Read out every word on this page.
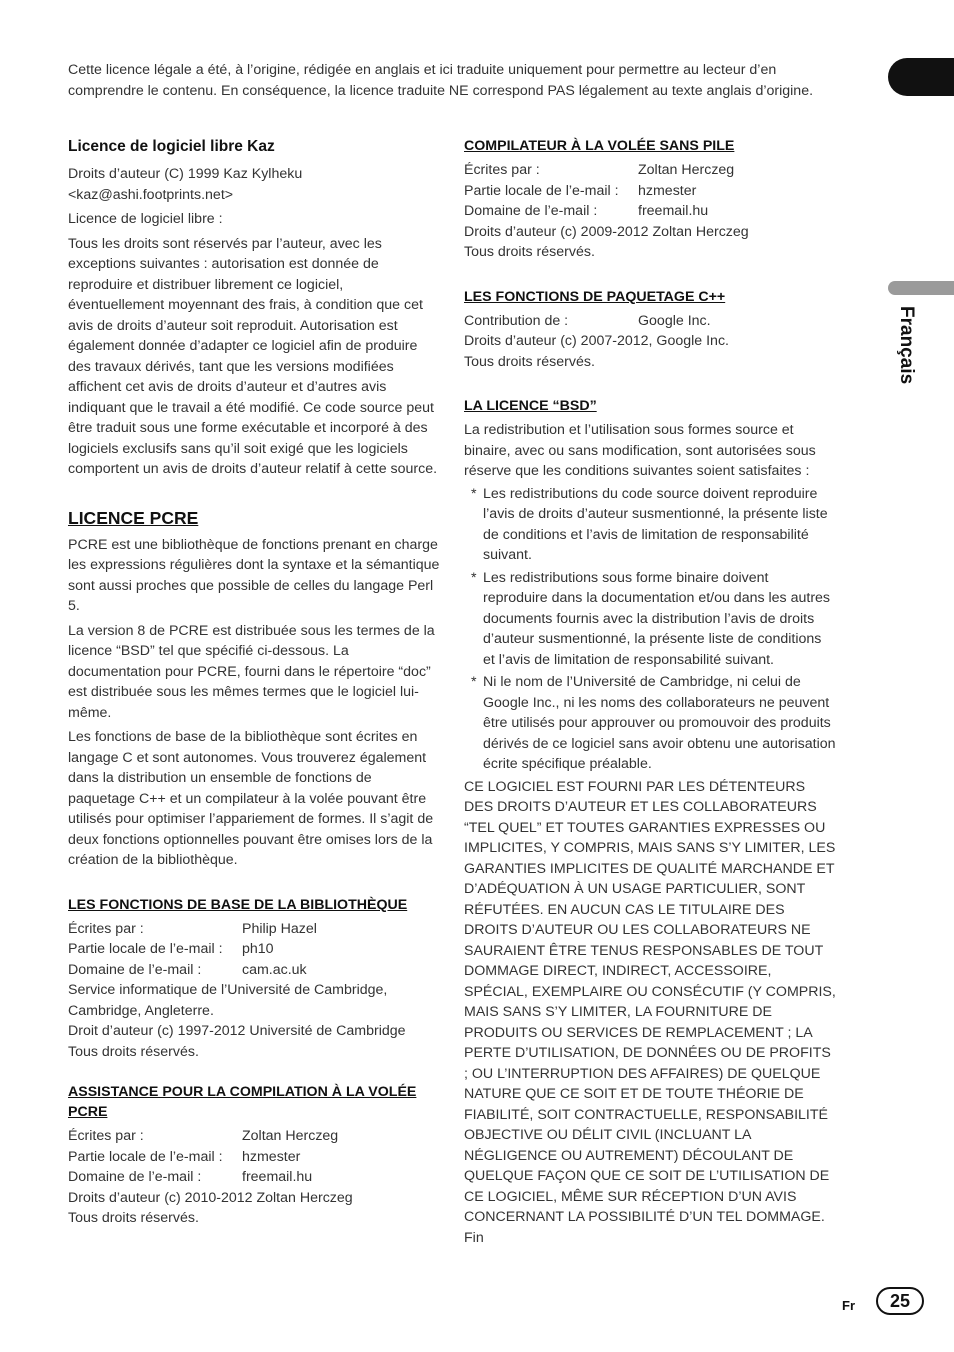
Français
Cette licence légale a été, à l’origine, rédigée en anglais et ici traduite uniquement pour permettre au lecteur d’en comprendre le contenu. En conséquence, la licence traduite NE correspond PAS légalement au texte anglais d’origine.
Licence de logiciel libre Kaz

Droits d’auteur (C) 1999 Kaz Kylheku <kaz@ashi.footprints.net>

Licence de logiciel libre :

Tous les droits sont réservés par l’auteur, avec les exceptions suivantes : autorisation est donnée de reproduire et distribuer librement ce logiciel, éventuellement moyennant des frais, à condition que cet avis de droits d’auteur soit reproduit. Autorisation est également donnée d’adapter ce logiciel afin de produire des travaux dérivés, tant que les versions modifiées affichent cet avis de droits d’auteur et d’autres avis indiquant que le travail a été modifié. Ce code source peut être traduit sous une forme exécutable et incorporé à des logiciels exclusifs sans qu’il soit exigé que les logiciels comportent un avis de droits d’auteur relatif à cette source.

LICENCE PCRE

PCRE est une bibliothèque de fonctions prenant en charge les expressions régulières dont la syntaxe et la sémantique sont aussi proches que possible de celles du langage Perl 5.

La version 8 de PCRE est distribuée sous les termes de la licence “BSD” tel que spécifié ci-dessous. La documentation pour PCRE, fourni dans le répertoire “doc” est distribuée sous les mêmes termes que le logiciel lui-même.

Les fonctions de base de la bibliothèque sont écrites en langage C et sont autonomes. Vous trouverez également dans la distribution un ensemble de fonctions de paquetage C++ et un compilateur à la volée pouvant être utilisés pour optimiser l’appariement de formes. Il s’agit de deux fonctions optionnelles pouvant être omises lors de la création de la bibliothèque.

LES FONCTIONS DE BASE DE LA BIBLIOTHÈQUE
Écrites par :	Philip Hazel
Partie locale de l’e-mail :	ph10
Domaine de l’e-mail :	cam.ac.uk

Service informatique de l’Université de Cambridge, Cambridge, Angleterre.

Droit d’auteur (c) 1997-2012 Université de Cambridge

Tous droits réservés.

ASSISTANCE POUR LA COMPILATION À LA VOLÉE PCRE
Écrites par :	Zoltan Herczeg
Partie locale de l’e-mail :	hzmester
Domaine de l’e-mail :	freemail.hu

Droits d’auteur (c) 2010-2012 Zoltan Herczeg

Tous droits réservés.

COMPILATEUR À LA VOLÉE SANS PILE
Écrites par :	Zoltan Herczeg
Partie locale de l’e-mail :	hzmester
Domaine de l’e-mail :	freemail.hu

Droits d’auteur (c) 2009-2012 Zoltan Herczeg

Tous droits réservés.

LES FONCTIONS DE PAQUETAGE C++
Contribution de :	Google Inc.

Droits d’auteur (c) 2007-2012, Google Inc.

Tous droits réservés.

LA LICENCE “BSD”

La redistribution et l’utilisation sous formes source et binaire, avec ou sans modification, sont autorisées sous réserve que les conditions suivantes soient satisfaites :

* Les redistributions du code source doivent reproduire l’avis de droits d’auteur susmentionné, la présente liste de conditions et l’avis de limitation de responsabilité suivant.
* Les redistributions sous forme binaire doivent reproduire dans la documentation et/ou dans les autres documents fournis avec la distribution l’avis de droits d’auteur susmentionné, la présente liste de conditions et l’avis de limitation de responsabilité suivant.
* Ni le nom de l’Université de Cambridge, ni celui de Google Inc., ni les noms des collaborateurs ne peuvent être utilisés pour approuver ou promouvoir des produits dérivés de ce logiciel sans avoir obtenu une autorisation écrite spécifique préalable.

CE LOGICIEL EST FOURNI PAR LES DÉTENTEURS DES DROITS D’AUTEUR ET LES COLLABORATEURS “TEL QUEL” ET TOUTES GARANTIES EXPRESSES OU IMPLICITES, Y COMPRIS, MAIS SANS S’Y LIMITER, LES GARANTIES IMPLICITES DE QUALITÉ MARCHANDE ET D’ADÉQUATION À UN USAGE PARTICULIER, SONT RÉFUTÉES. EN AUCUN CAS LE TITULAIRE DES DROITS D’AUTEUR OU LES COLLABORATEURS NE SAURAIENT ÊTRE TENUS RESPONSABLES DE TOUT DOMMAGE DIRECT, INDIRECT, ACCESSOIRE, SPÉCIAL, EXEMPLAIRE OU CONSÉCUTIF (Y COMPRIS, MAIS SANS S’Y LIMITER, LA FOURNITURE DE PRODUITS OU SERVICES DE REMPLACEMENT ; LA PERTE D’UTILISATION, DE DONNÉES OU DE PROFITS ; OU L’INTERRUPTION DES AFFAIRES) DE QUELQUE NATURE QUE CE SOIT ET DE TOUTE THÉORIE DE FIABILITÉ, SOIT CONTRACTUELLE, RESPONSABILITÉ OBJECTIVE OU DÉLIT CIVIL (INCLUANT LA NÉGLIGENCE OU AUTREMENT) DÉCOULANT DE QUELQUE FAÇON QUE CE SOIT DE L’UTILISATION DE CE LOGICIEL, MÊME SUR RÉCEPTION D’UN AVIS CONCERNANT LA POSSIBILITÉ D’UN TEL DOMMAGE.

Fin

Fr	25
